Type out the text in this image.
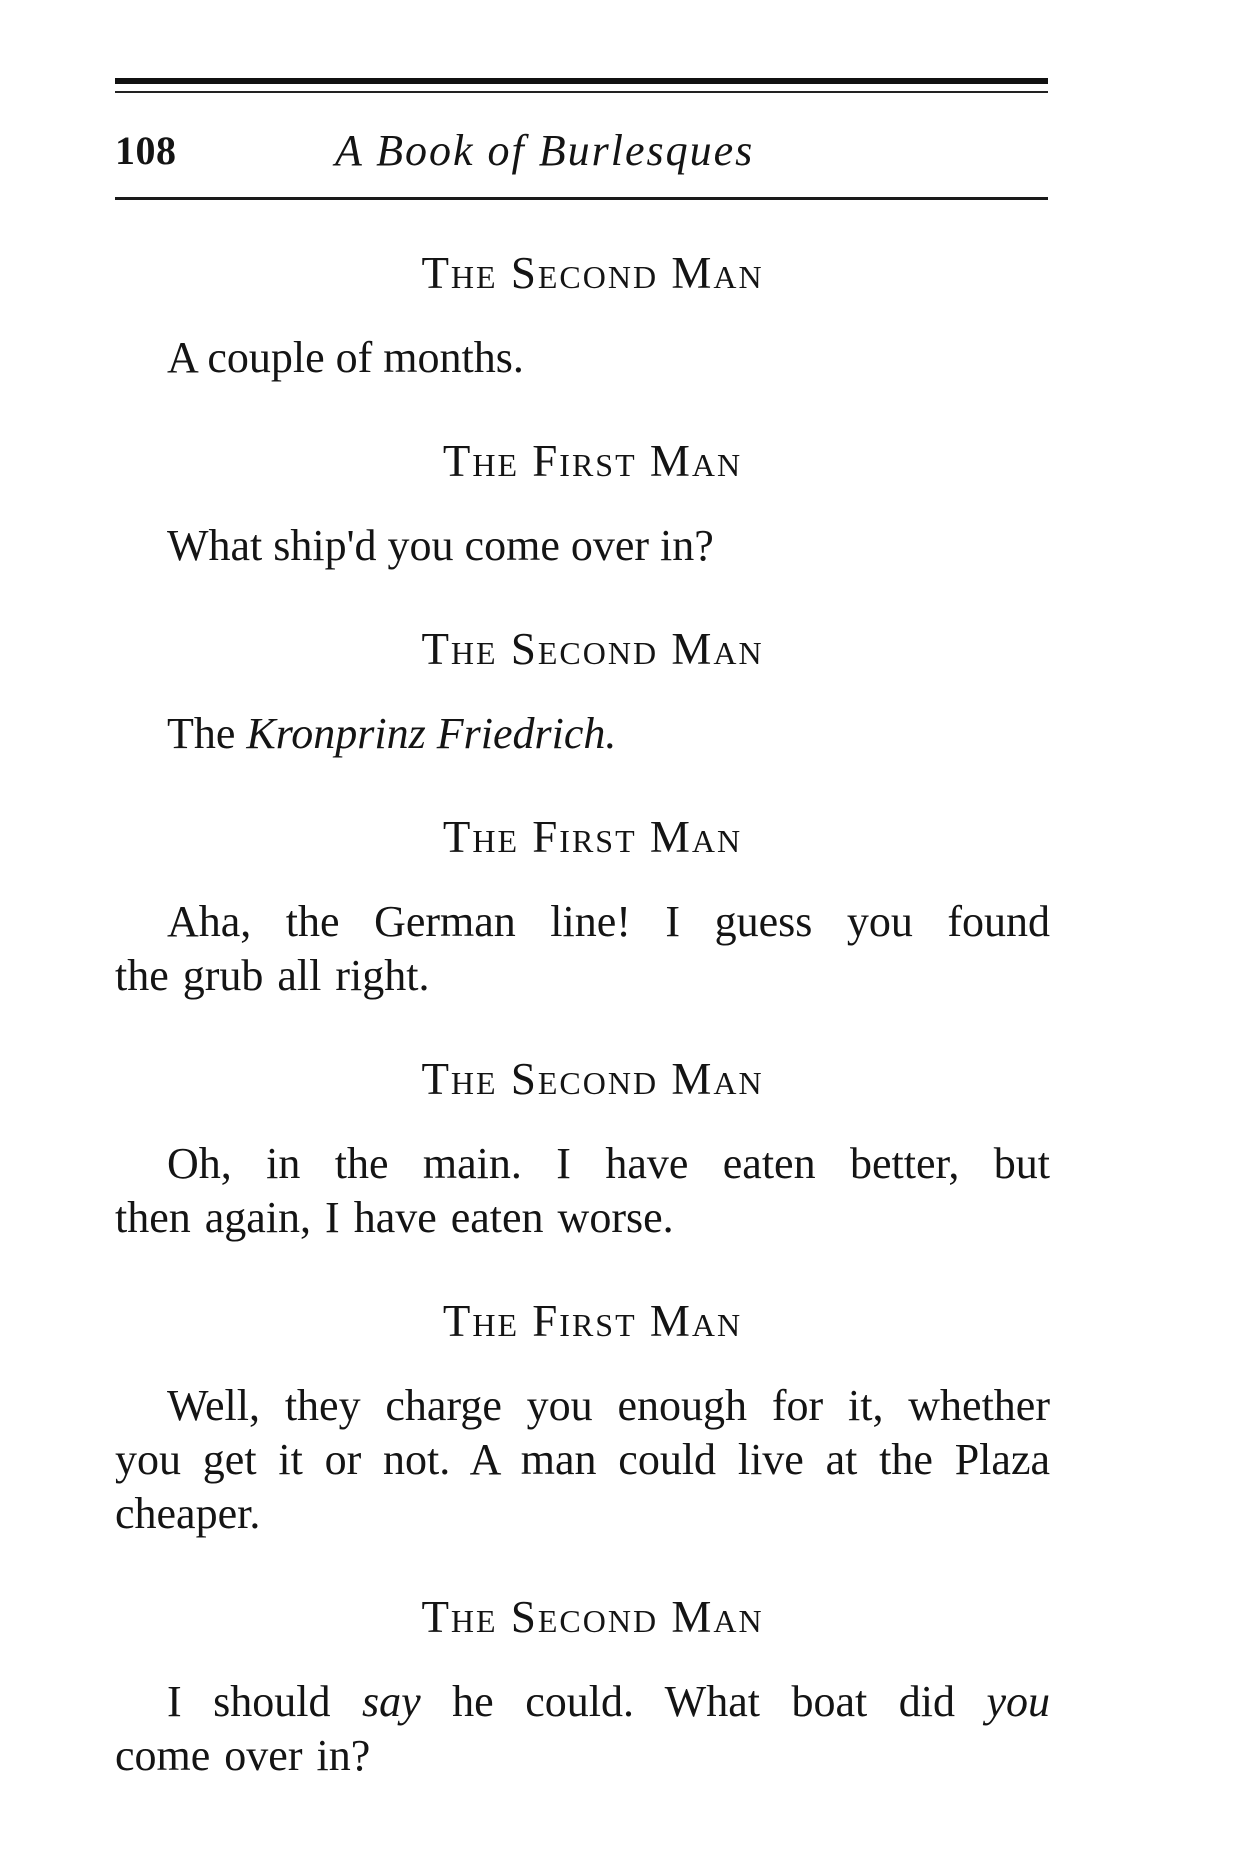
108	A Book of Burlesques
The Second Man
A couple of months.
The First Man
What ship'd you come over in?
The Second Man
The Kronprinz Friedrich.
The First Man
Aha, the German line! I guess you found
the grub all right.
The Second Man
Oh, in the main. I have eaten better, but
then again, I have eaten worse.
The First Man
Well, they charge you enough for it, whether
you get it or not. A man could live at the Plaza
cheaper.
The Second Man
I should say he could. What boat did you
come over in?
